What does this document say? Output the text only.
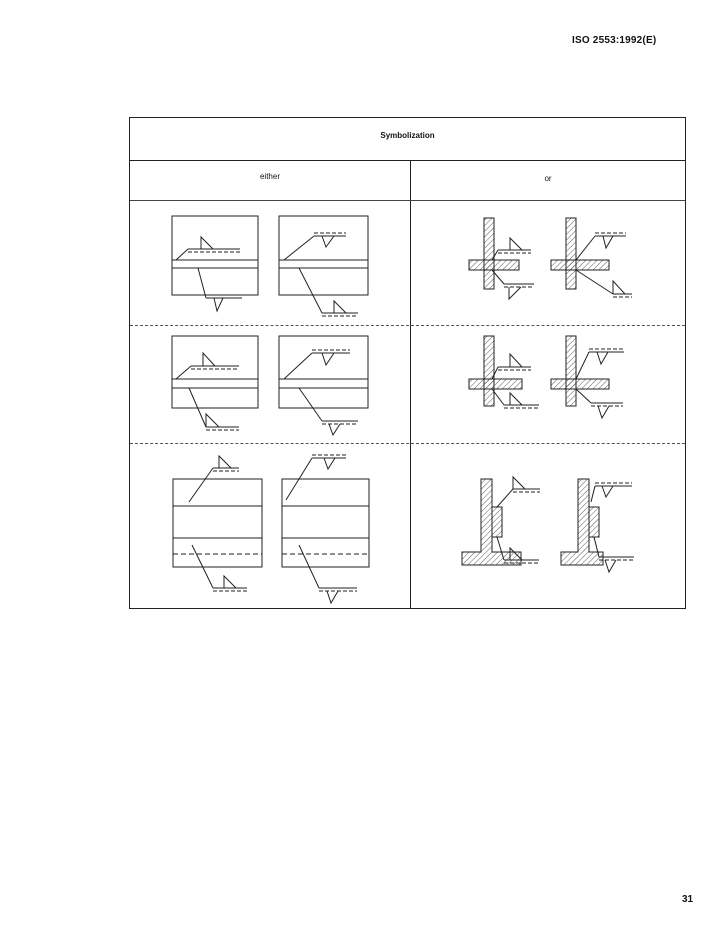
ISO 2553:1992(E)
Symbolization
either	or
31
